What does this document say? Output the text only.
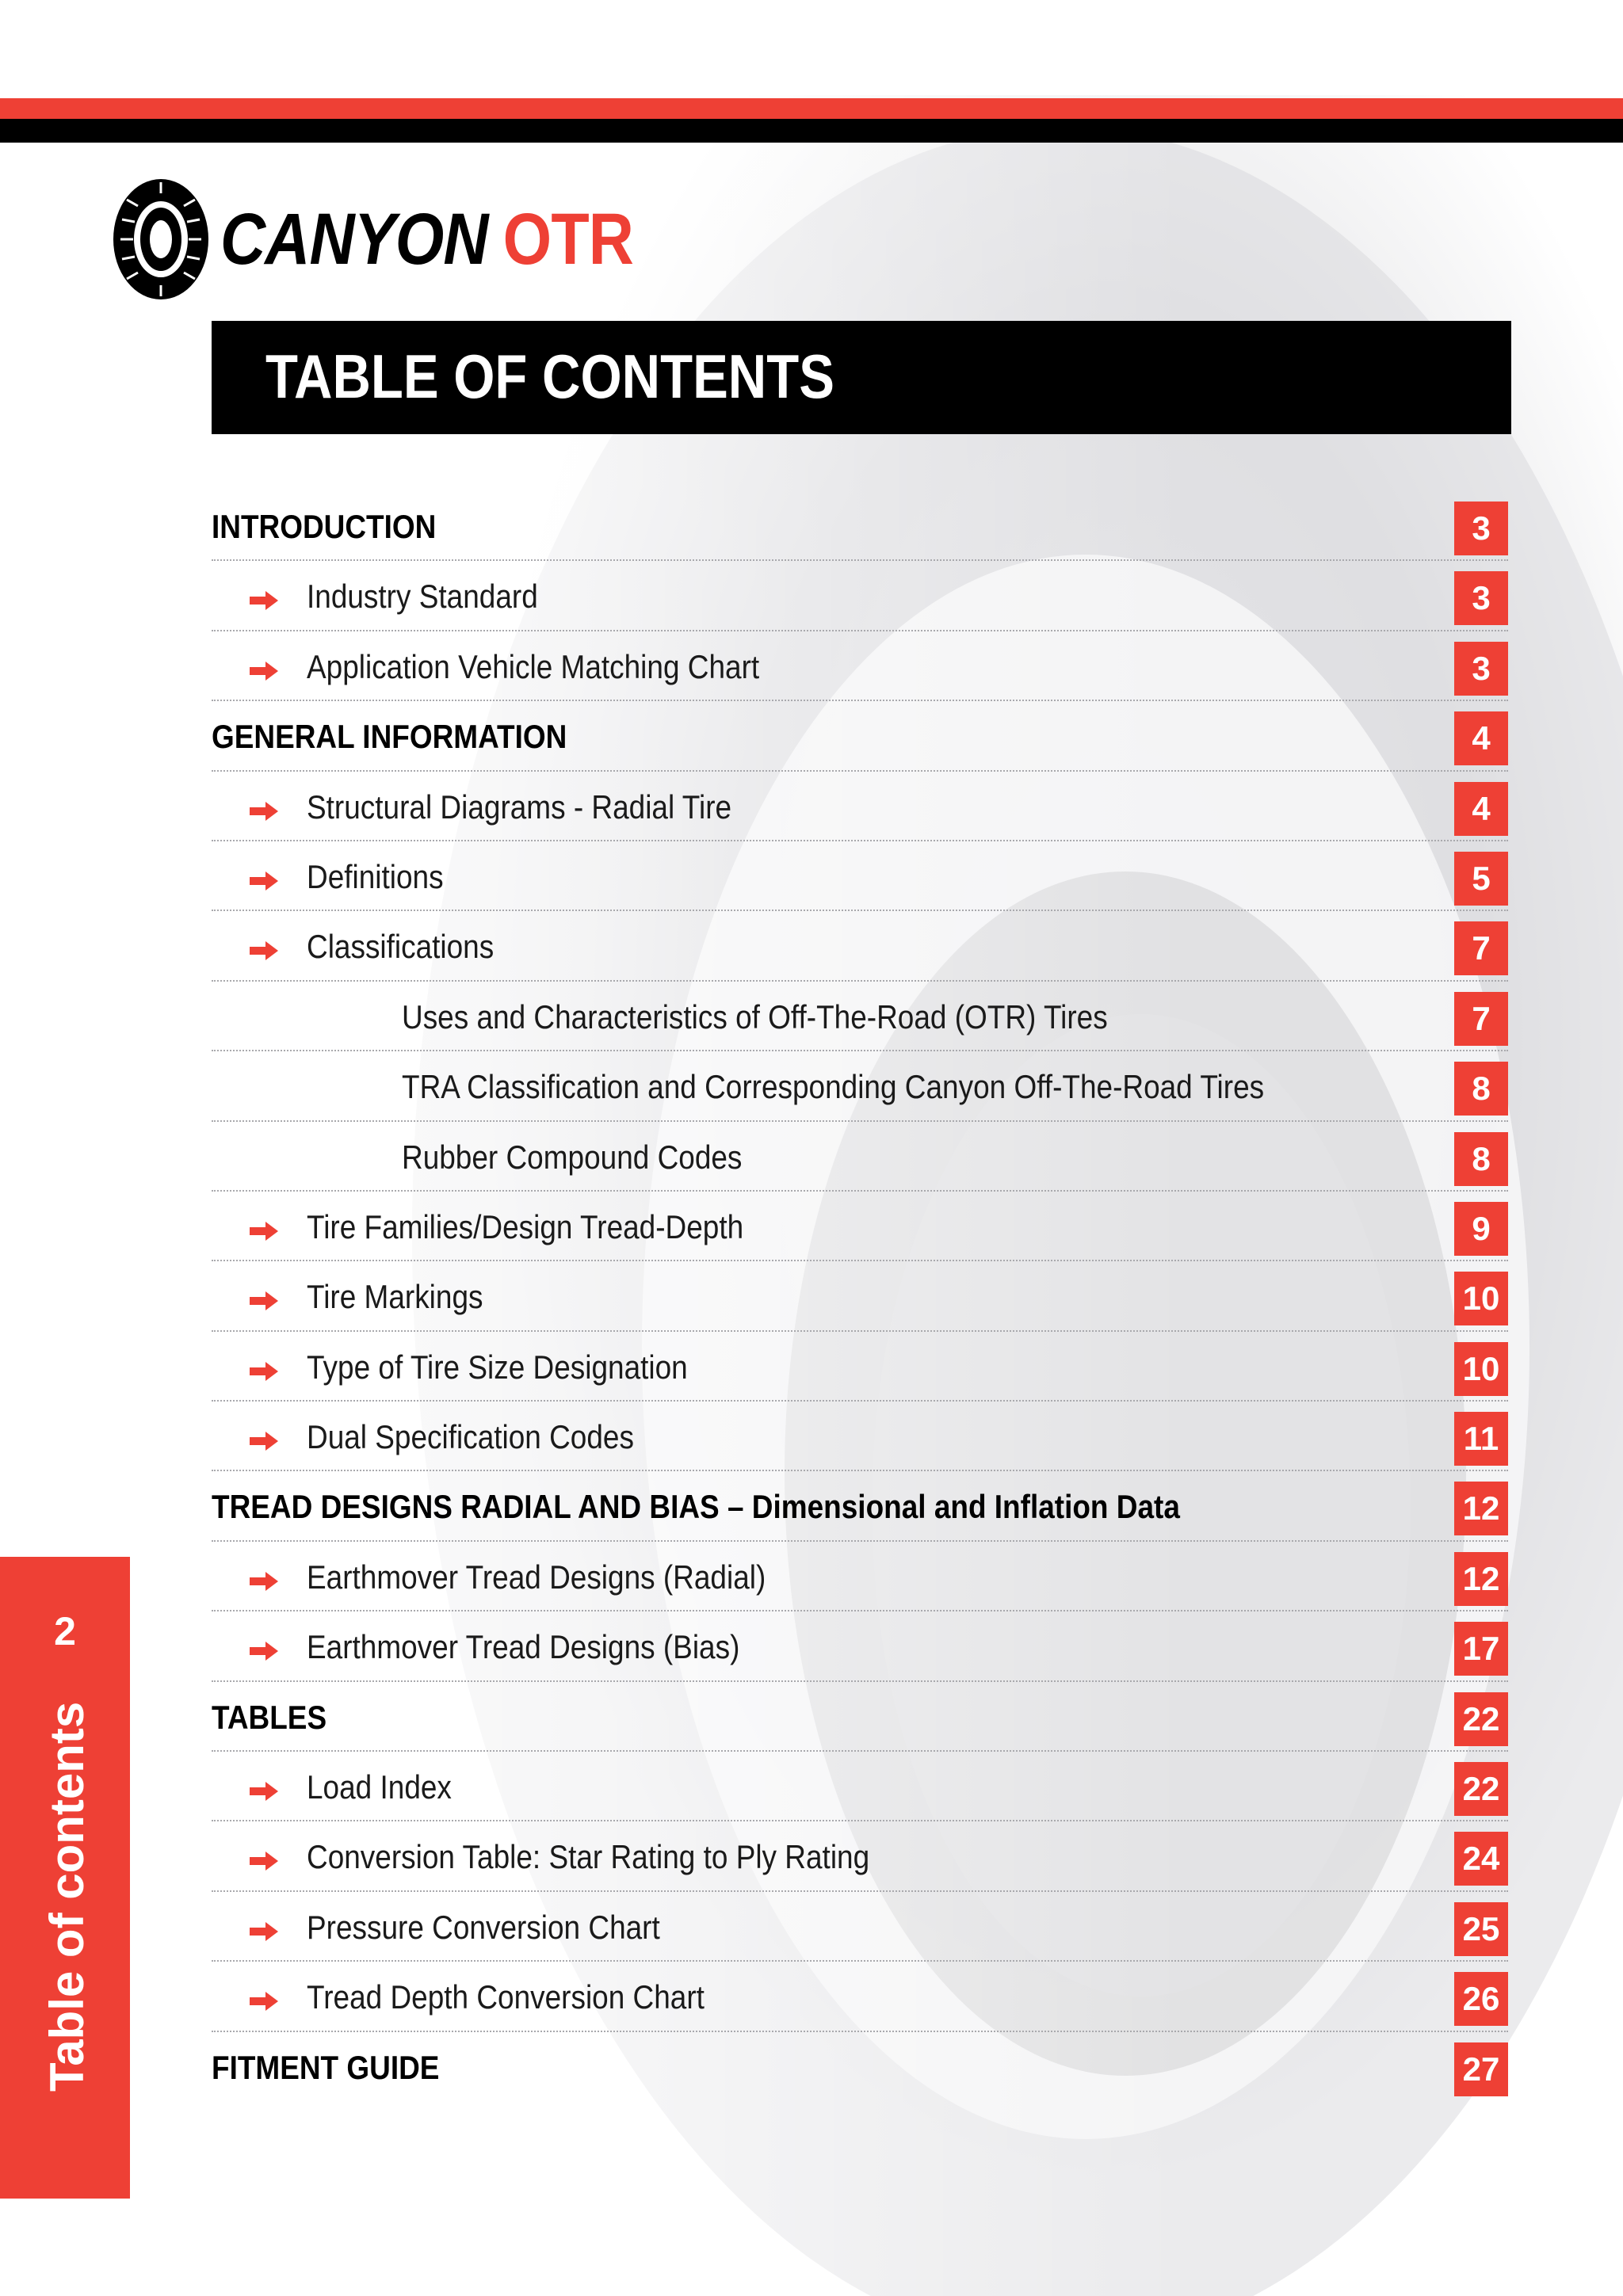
CANYON OTR
TABLE OF CONTENTS
INTRODUCTION	3
Industry Standard	3
Application Vehicle Matching Chart	3
GENERAL INFORMATION	4
Structural Diagrams - Radial Tire	4
Definitions	5
Classifications	7
Uses and Characteristics of Off-The-Road (OTR) Tires	7
TRA Classification and Corresponding Canyon Off-The-Road Tires	8
Rubber Compound Codes	8
Tire Families/Design Tread-Depth	9
Tire Markings	10
Type of Tire Size Designation	10
Dual Specification Codes	11
TREAD DESIGNS RADIAL AND BIAS – Dimensional and Inflation Data	12
Earthmover Tread Designs (Radial)	12
Earthmover Tread Designs (Bias)	17
TABLES	22
Load Index	22
Conversion Table: Star Rating to Ply Rating	24
Pressure Conversion Chart	25
Tread Depth Conversion Chart	26
FITMENT GUIDE	27
2
Table of contents
